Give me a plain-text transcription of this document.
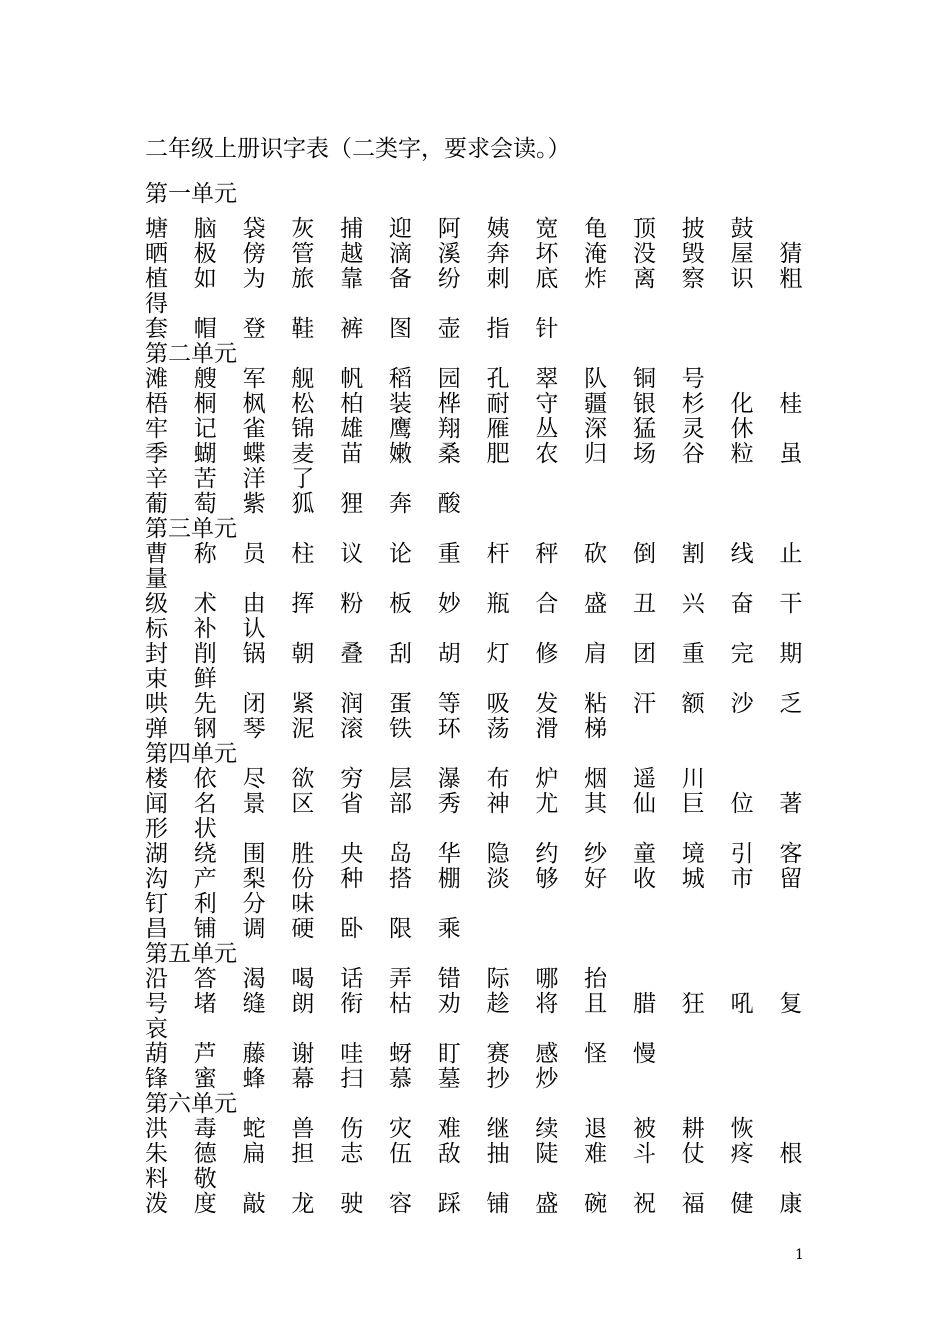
二年级上册识字表（二类字，要求会读。）
第一单元
塘 脑 袋 灰 捕 迎 阿 姨 宽 龟 顶 披 鼓
晒 极 傍 管 越 滴 溪 奔 坏 淹 没 毁 屋 猜
植 如 为 旅 靠 备 纷 刺 底 炸 离 察 识 粗
得
套 帽 登 鞋 裤 图 壶 指 针
第二单元
滩 艘 军 舰 帆 稻 园 孔 翠 队 铜 号
梧 桐 枫 松 柏 装 桦 耐 守 疆 银 杉 化 桂
牢 记 雀 锦 雄 鹰 翔 雁 丛 深 猛 灵 休
季 蝴 蝶 麦 苗 嫩 桑 肥 农 归 场 谷 粒 虽
辛 苦 洋 了
葡 萄 紫 狐 狸 奔 酸
第三单元
曹 称 员 柱 议 论 重 杆 秤 砍 倒 割 线 止
量
级 术 由 挥 粉 板 妙 瓶 合 盛 丑 兴 奋 干
标 补 认
封 削 锅 朝 叠 刮 胡 灯 修 肩 团 重 完 期
束 鲜
哄 先 闭 紧 润 蛋 等 吸 发 粘 汗 额 沙 乏
弹 钢 琴 泥 滚 铁 环 荡 滑 梯
第四单元
楼 依 尽 欲 穷 层 瀑 布 炉 烟 遥 川
闻 名 景 区 省 部 秀 神 尤 其 仙 巨 位 著
形 状
湖 绕 围 胜 央 岛 华 隐 约 纱 童 境 引 客
沟 产 梨 份 种 搭 棚 淡 够 好 收 城 市 留
钉 利 分 味
昌 铺 调 硬 卧 限 乘
第五单元
沿 答 渴 喝 话 弄 错 际 哪 抬
号 堵 缝 朗 衔 枯 劝 趁 将 且 腊 狂 吼 复
哀
葫 芦 藤 谢 哇 蚜 盯 赛 感 怪 慢
锋 蜜 蜂 幕 扫 慕 墓 抄 炒
第六单元
洪 毒 蛇 兽 伤 灾 难 继 续 退 被 耕 恢
朱 德 扁 担 志 伍 敌 抽 陡 难 斗 仗 疼 根
料 敬
泼 度 敲 龙 驶 容 踩 铺 盛 碗 祝 福 健 康
1
